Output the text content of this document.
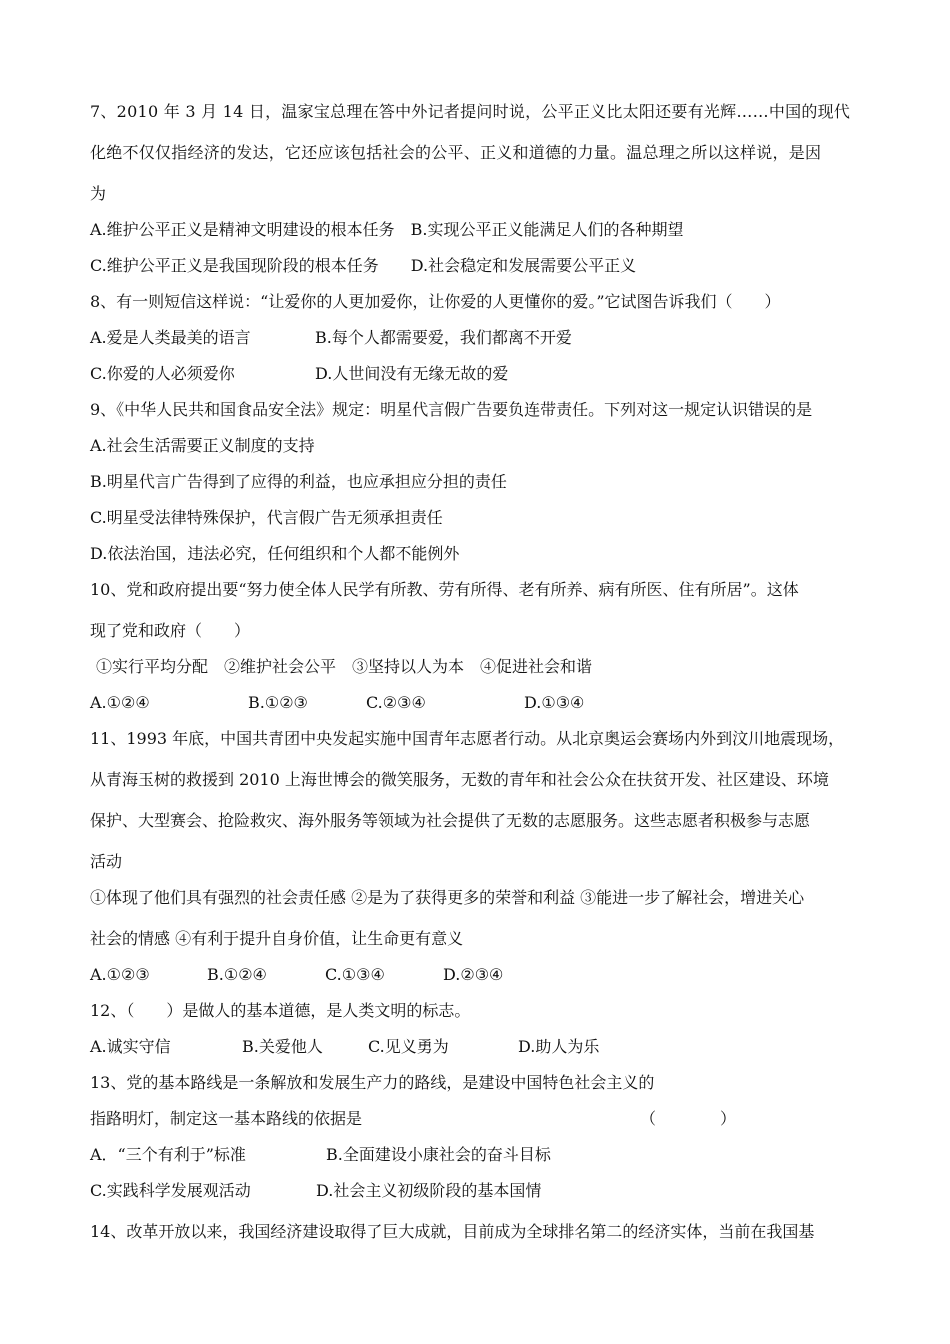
7、2010 年 3 月 14 日，温家宝总理在答中外记者提问时说，公平正义比太阳还要有光辉……中国的现代
化绝不仅仅指经济的发达，它还应该包括社会的公平、正义和道德的力量。温总理之所以这样说，是因
为
A.维护公平正义是精神文明建设的根本任务 B.实现公平正义能满足人们的各种期望
C.维护公平正义是我国现阶段的根本任务 D.社会稳定和发展需要公平正义
8、有一则短信这样说：“让爱你的人更加爱你，让你爱的人更懂你的爱。”它试图告诉我们（　　）
A.爱是人类最美的语言	B.每个人都需要爱，我们都离不开爱
C.你爱的人必须爱你	D.人世间没有无缘无故的爱
9、《中华人民共和国食品安全法》规定：明星代言假广告要负连带责任。下列对这一规定认识错误的是
A.社会生活需要正义制度的支持
B.明星代言广告得到了应得的利益，也应承担应分担的责任
C.明星受法律特殊保护，代言假广告无须承担责任
D.依法治国，违法必究，任何组织和个人都不能例外
10、党和政府提出要“努力使全体人民学有所教、劳有所得、老有所养、病有所医、住有所居”。这体
现了党和政府（　　）
①实行平均分配　②维护社会公平　③坚持以人为本　④促进社会和谐
A.①②④	B.①②③	C.②③④	D.①③④
11、1993 年底，中国共青团中央发起实施中国青年志愿者行动。从北京奥运会赛场内外到汶川地震现场，
从青海玉树的救援到 2010 上海世博会的微笑服务，无数的青年和社会公众在扶贫开发、社区建设、环境
保护、大型赛会、抢险救灾、海外服务等领域为社会提供了无数的志愿服务。这些志愿者积极参与志愿
活动
①体现了他们具有强烈的社会责任感 ②是为了获得更多的荣誉和利益 ③能进一步了解社会，增进关心
社会的情感 ④有利于提升自身价值，让生命更有意义
A.①②③	B.①②④	C.①③④	D.②③④
12、（　　）是做人的基本道德，是人类文明的标志。
A.诚实守信	B.关爱他人	C.见义勇为	D.助人为乐
13、党的基本路线是一条解放和发展生产力的路线，是建设中国特色社会主义的
指路明灯，制定这一基本路线的依据是	（　　　　）
A．“三个有利于”标准	B.全面建设小康社会的奋斗目标
C.实践科学发展观活动	D.社会主义初级阶段的基本国情
14、改革开放以来，我国经济建设取得了巨大成就，目前成为全球排名第二的经济实体，当前在我国基
